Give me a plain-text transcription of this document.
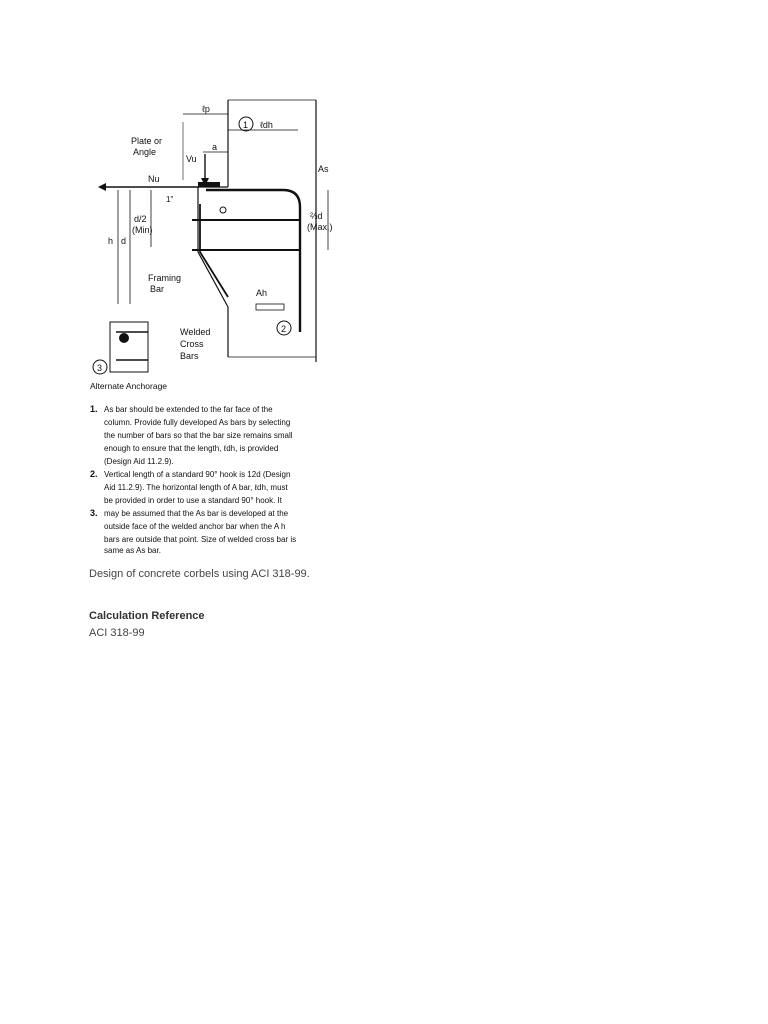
ℓp
1 ℓdh
a
Plate or
Angle
Vu
Nu
As
1"
d/2
(Min)
h d
⅔d
(Max.)
Framing
Bar	Ah
2
Welded
Cross
Bars
3
Alternate Anchorage
1. As bar should be extended to the far face of the
column. Provide fully developed As bars by selecting
the number of bars so that the bar size remains small
enough to ensure that the length, ℓdh, is provided
(Design Aid 11.2.9).
2. Vertical length of a standard 90° hook is 12d (Design
Aid 11.2.9). The horizontal length of A bar, ℓdh, must
be provided in order to use a standard 90° hook. It
3. may be assumed that the As bar is developed at the
outside face of the welded anchor bar when the A h
bars are outside that point. Size of welded cross bar is
same as As bar.

Design of concrete corbels using ACI 318-99.

Calculation Reference

ACI 318-99
